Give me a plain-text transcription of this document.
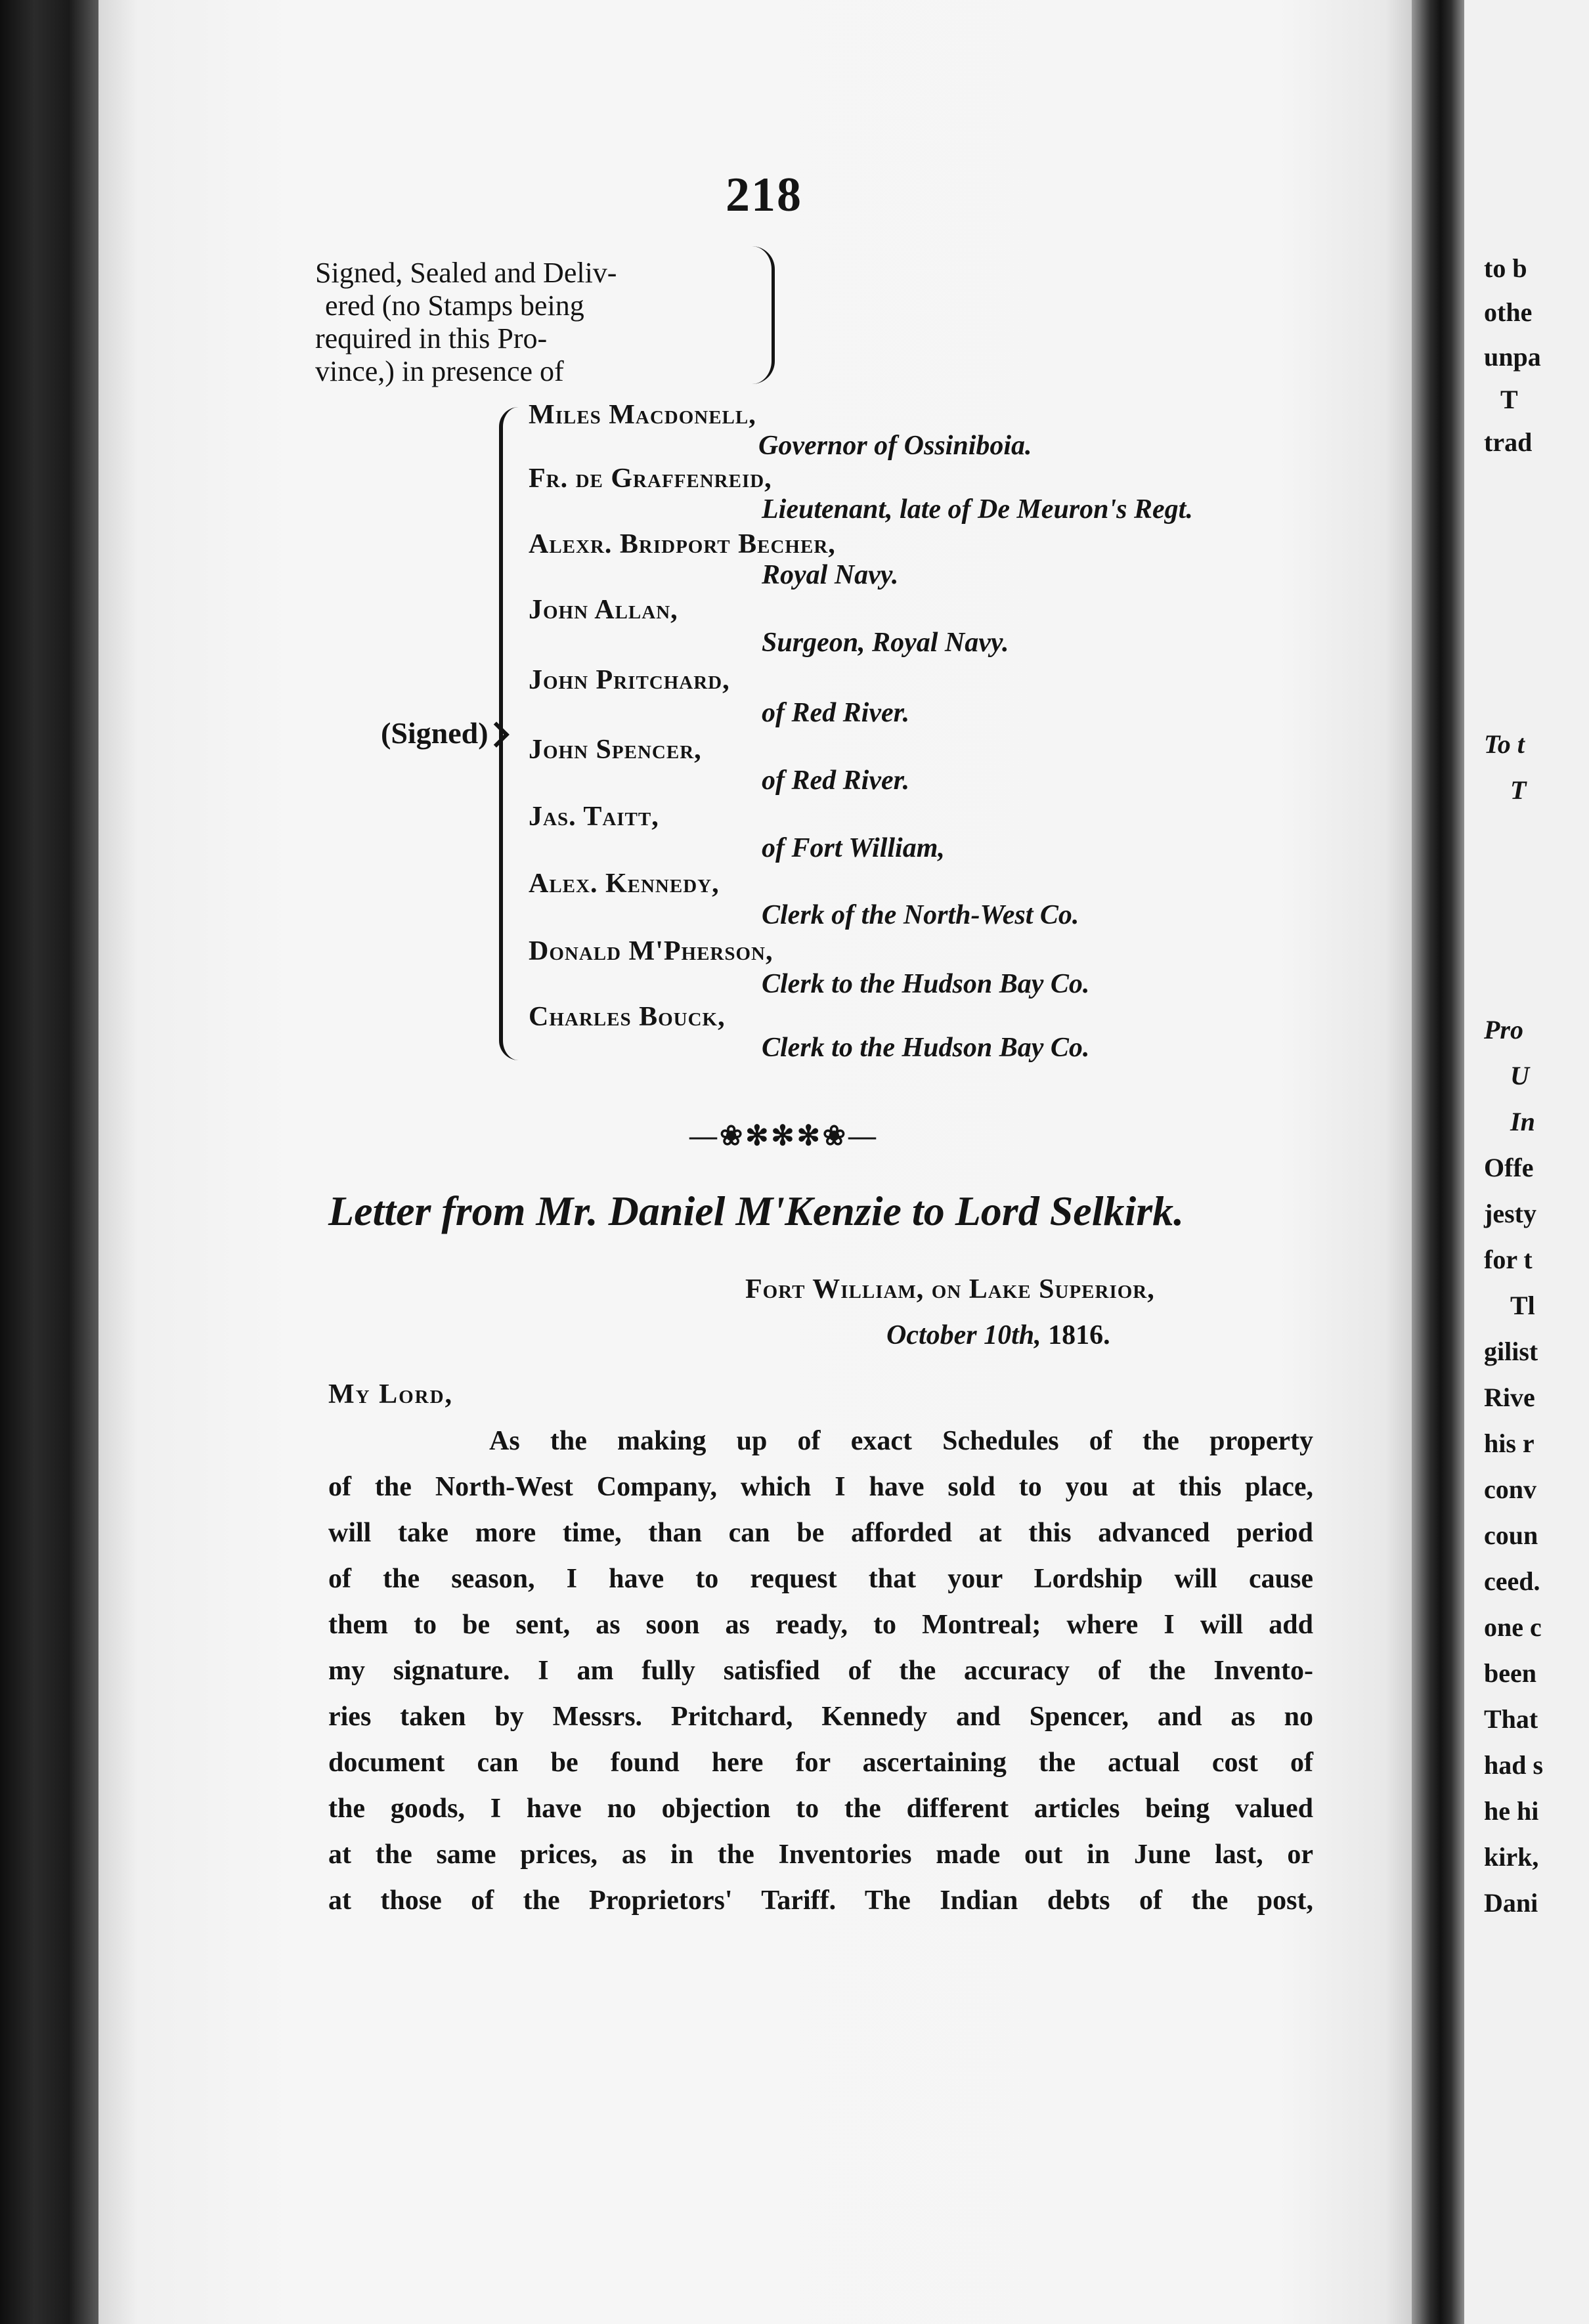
218
Signed, Sealed and Deliv-
ered (no Stamps being
required in this Pro-
vince,) in presence of
(Signed)
Miles Macdonell,
Governor of Ossiniboia.
Fr. de Graffenreid,
Lieutenant, late of De Meuron's Regt.
Alexr. Bridport Becher,
Royal Navy.
John Allan,
Surgeon, Royal Navy.
John Pritchard,
of Red River.
John Spencer,
of Red River.
Jas. Taitt,
of Fort William,
Alex. Kennedy,
Clerk of the North-West Co.
Donald M'Pherson,
Clerk to the Hudson Bay Co.
Charles Bouck,
Clerk to the Hudson Bay Co.
—❀✻✻✻❀—
Letter from Mr. Daniel M'Kenzie to Lord Selkirk.
Fort William, on Lake Superior,
October 10th, 1816.
My Lord,
As the making up of exact Schedules of the property
of the North-West Company, which I have sold to you at this place,
will take more time, than can be afforded at this advanced period
of the season, I have to request that your Lordship will cause
them to be sent, as soon as ready, to Montreal; where I will add
my signature. I am fully satisfied of the accuracy of the Invento-
ries taken by Messrs. Pritchard, Kennedy and Spencer, and as no
document can be found here for ascertaining the actual cost of
the goods, I have no objection to the different articles being valued
at the same prices, as in the Inventories made out in June last, or
at those of the Proprietors' Tariff. The Indian debts of the post,
to b
othe
unpa
T
trad
To t
T
Pro
U
In
Offe
jesty
for t
Tl
gilist
Rive
his r
conv
coun
ceed.
one c
been
That
had s
he hi
kirk,
Dani
